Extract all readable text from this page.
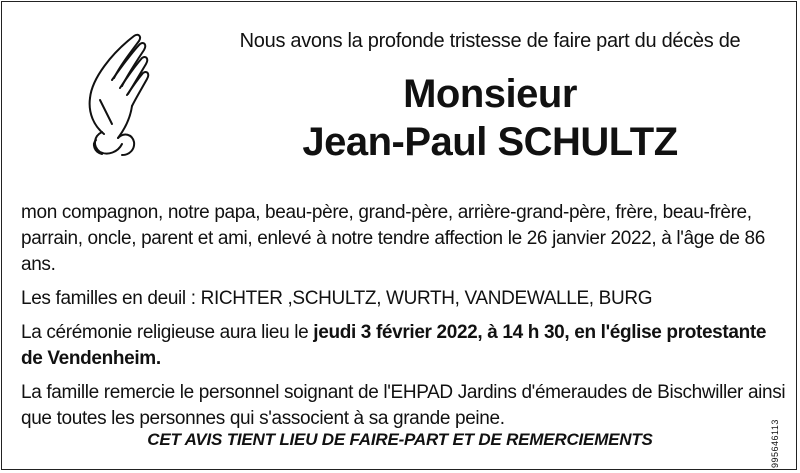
Nous avons la profonde tristesse de faire part du décès de
Monsieur
Jean-Paul SCHULTZ

mon compagnon, notre papa, beau-père, grand-père, arrière-grand-père, frère, beau-frère, parrain, oncle, parent et ami, enlevé à notre tendre affection le 26 janvier 2022, à l'âge de 86 ans.

Les familles en deuil : RICHTER ,SCHULTZ, WURTH, VANDEWALLE, BURG

La cérémonie religieuse aura lieu le jeudi 3 février 2022, à 14 h 30, en l'église protestante de Vendenheim.

La famille remercie le personnel soignant de l'EHPAD Jardins d'émeraudes de Bischwiller ainsi que toutes les personnes qui s'associent à sa grande peine.

CET AVIS TIENT LIEU DE FAIRE-PART ET DE REMERCIEMENTS	995646113
